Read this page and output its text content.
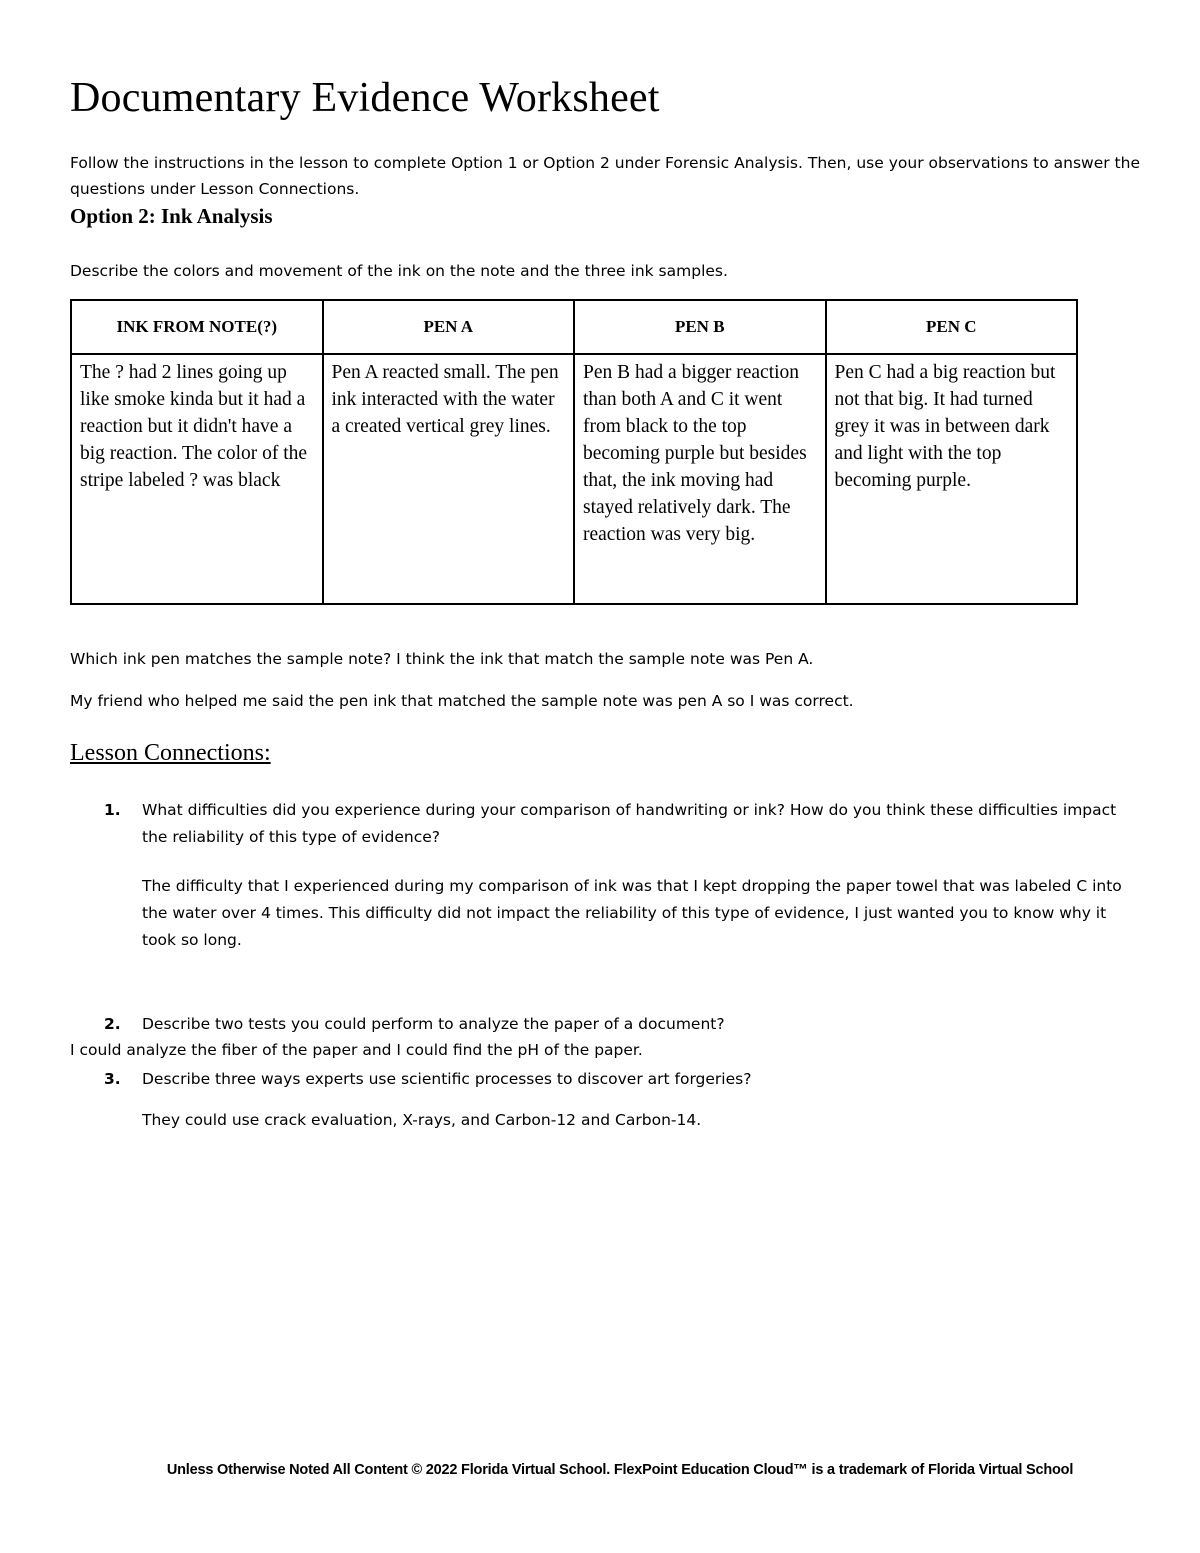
Documentary Evidence Worksheet

Follow the instructions in the lesson to complete Option 1 or Option 2 under Forensic Analysis. Then, use your observations to answer the questions under Lesson Connections.

Option 2: Ink Analysis

Describe the colors and movement of the ink on the note and the three ink samples.

INK FROM NOTE(?)	PEN A	PEN B	PEN C
The ? had 2 lines going up like smoke kinda but it had a reaction but it didn't have a big reaction. The color of the stripe labeled ? was black	Pen A reacted small. The pen ink interacted with the water a created vertical grey lines.	Pen B had a bigger reaction than both A and C it went from black to the top becoming purple but besides that, the ink moving had stayed relatively dark. The reaction was very big.	Pen C had a big reaction but not that big. It had turned grey it was in between dark and light with the top becoming purple.

Which ink pen matches the sample note? I think the ink that match the sample note was Pen A.

My friend who helped me said the pen ink that matched the sample note was pen A so I was correct.

Lesson Connections:
1. What difficulties did you experience during your comparison of handwriting or ink? How do you think these difficulties impact the reliability of this type of evidence?

The difficulty that I experienced during my comparison of ink was that I kept dropping the paper towel that was labeled C into the water over 4 times. This difficulty did not impact the reliability of this type of evidence, I just wanted you to know why it took so long.

2. Describe two tests you could perform to analyze the paper of a document?

I could analyze the fiber of the paper and I could find the pH of the paper.

3. Describe three ways experts use scientific processes to discover art forgeries?

They could use crack evaluation, X-rays, and Carbon-12 and Carbon-14.

Unless Otherwise Noted All Content © 2022 Florida Virtual School. FlexPoint Education Cloud™ is a trademark of Florida Virtual School
